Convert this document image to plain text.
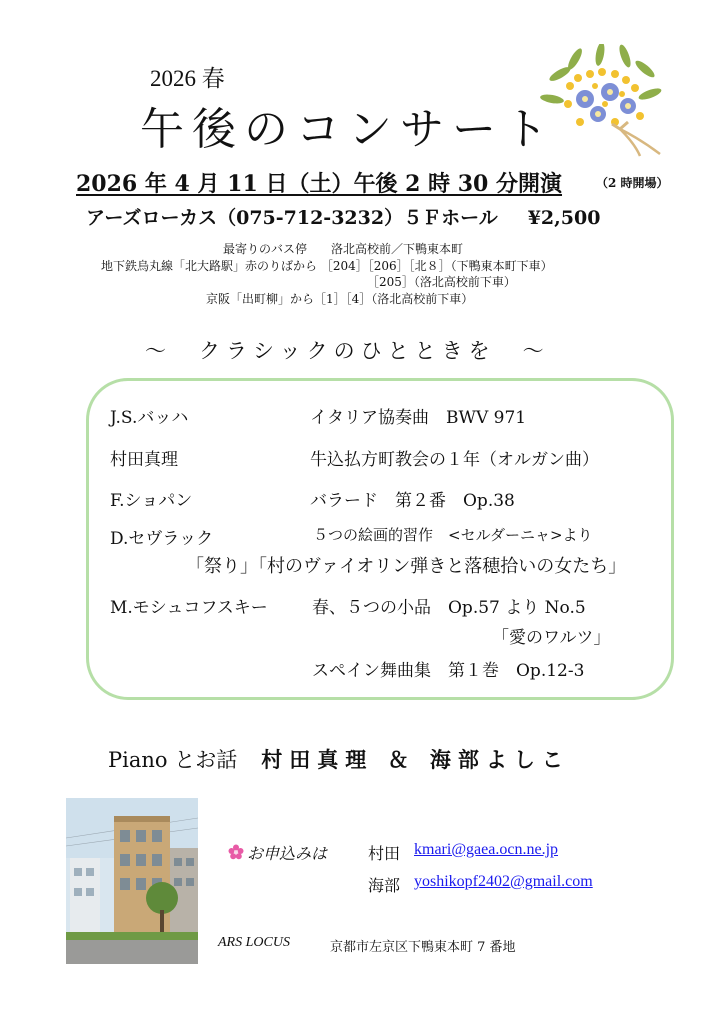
2026 春
午後のコンサート
2026 年 4 月 11 日（土）午後 2 時 30 分開演	（2 時開場）
アーズローカス（075-712-3232）５Ｆホール ¥2,500
最寄りのバス停　　洛北高校前／下鴨東本町
地下鉄烏丸線「北大路駅」赤のりばから ［204］［206］［北８］（下鴨東本町下車）
［205］（洛北高校前下車）
京阪「出町柳」から［1］［4］（洛北高校前下車）
～　クラシックのひとときを　～
J.S.バッハ	イタリア協奏曲　BWV 971
村田真理	牛込払方町教会の１年（オルガン曲）
F.ショパン	バラード　第２番　Op.38
D.セヴラック	５つの絵画的習作　<セルダーニャ>より
「祭り」「村のヴァイオリン弾きと落穂拾いの女たち」
M.モシュコフスキー	春、５つの小品　Op.57 より No.5
「愛のワルツ」
スペイン舞曲集　第１巻　Op.12-3
Piano とお話 村田真理 ＆ 海部よしこ
お申込みは	村田 kmari@gaea.ocn.ne.jp
海部 yoshikopf2402@gmail.com
ARS LOCUS	京都市左京区下鴨東本町 7 番地
